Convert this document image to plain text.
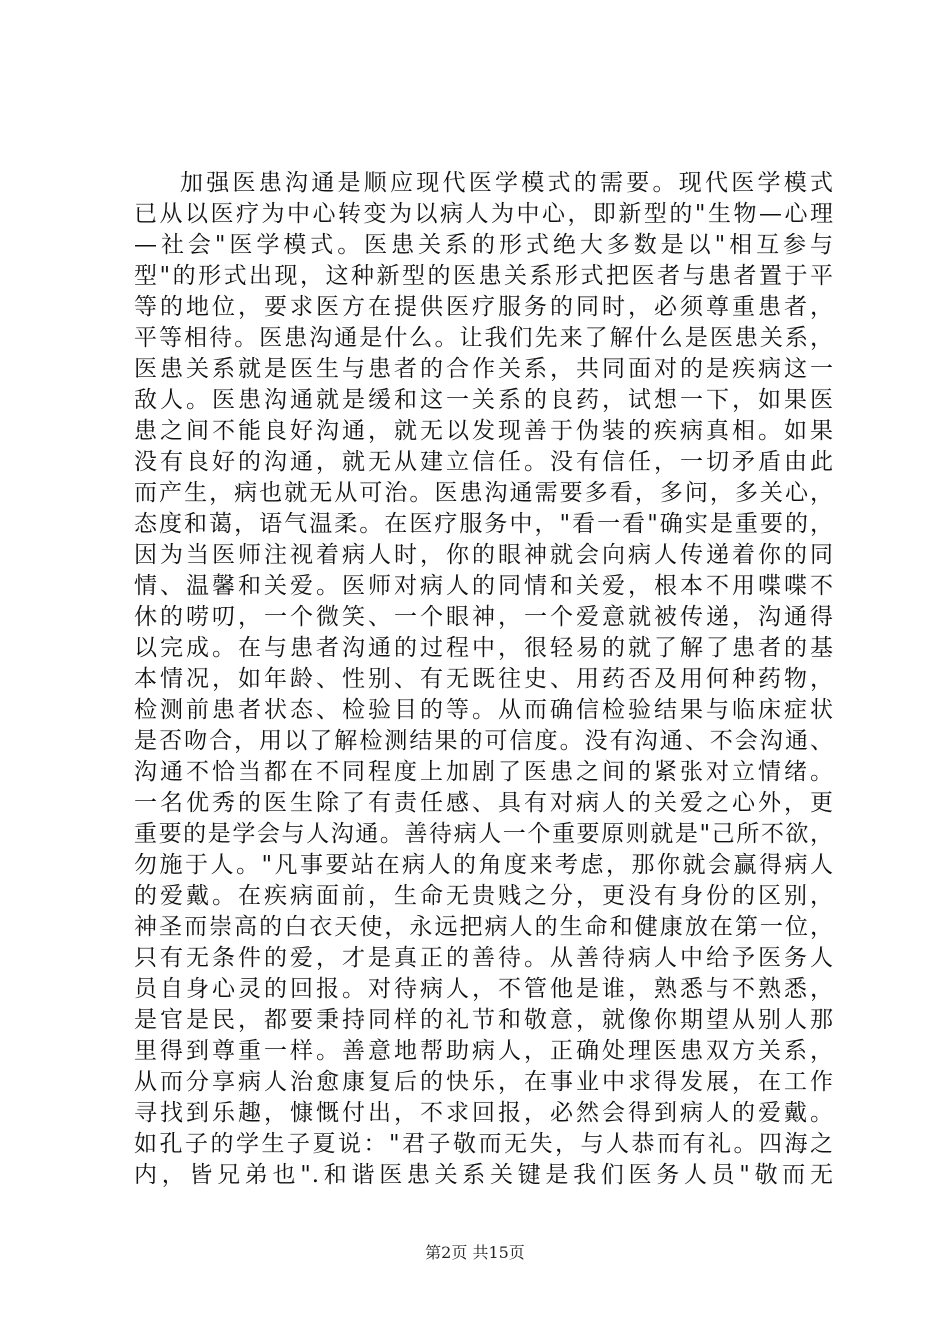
加强医患沟通是顺应现代医学模式的需要。现代医学模式
已从以医疗为中心转变为以病人为中心，即新型的"生物—心理
—社会"医学模式。医患关系的形式绝大多数是以"相互参与
型"的形式出现，这种新型的医患关系形式把医者与患者置于平
等的地位，要求医方在提供医疗服务的同时，必须尊重患者，
平等相待。医患沟通是什么。让我们先来了解什么是医患关系，
医患关系就是医生与患者的合作关系，共同面对的是疾病这一
敌人。医患沟通就是缓和这一关系的良药，试想一下，如果医
患之间不能良好沟通，就无以发现善于伪装的疾病真相。如果
没有良好的沟通，就无从建立信任。没有信任，一切矛盾由此
而产生，病也就无从可治。医患沟通需要多看，多问，多关心，
态度和蔼，语气温柔。在医疗服务中，"看一看"确实是重要的，
因为当医师注视着病人时，你的眼神就会向病人传递着你的同
情、温馨和关爱。医师对病人的同情和关爱，根本不用喋喋不
休的唠叨，一个微笑、一个眼神，一个爱意就被传递，沟通得
以完成。在与患者沟通的过程中，很轻易的就了解了患者的基
本情况，如年龄、性别、有无既往史、用药否及用何种药物，
检测前患者状态、检验目的等。从而确信检验结果与临床症状
是否吻合，用以了解检测结果的可信度。没有沟通、不会沟通、
沟通不恰当都在不同程度上加剧了医患之间的紧张对立情绪。
一名优秀的医生除了有责任感、具有对病人的关爱之心外，更
重要的是学会与人沟通。善待病人一个重要原则就是"己所不欲，
勿施于人。"凡事要站在病人的角度来考虑，那你就会赢得病人
的爱戴。在疾病面前，生命无贵贱之分，更没有身份的区别，
神圣而崇高的白衣天使，永远把病人的生命和健康放在第一位，
只有无条件的爱，才是真正的善待。从善待病人中给予医务人
员自身心灵的回报。对待病人，不管他是谁，熟悉与不熟悉，
是官是民，都要秉持同样的礼节和敬意，就像你期望从别人那
里得到尊重一样。善意地帮助病人，正确处理医患双方关系，
从而分享病人治愈康复后的快乐，在事业中求得发展，在工作
寻找到乐趣，慷慨付出，不求回报，必然会得到病人的爱戴。
如孔子的学生子夏说："君子敬而无失，与人恭而有礼。四海之
内，皆兄弟也".和谐医患关系关键是我们医务人员"敬而无
第2页 共15页
